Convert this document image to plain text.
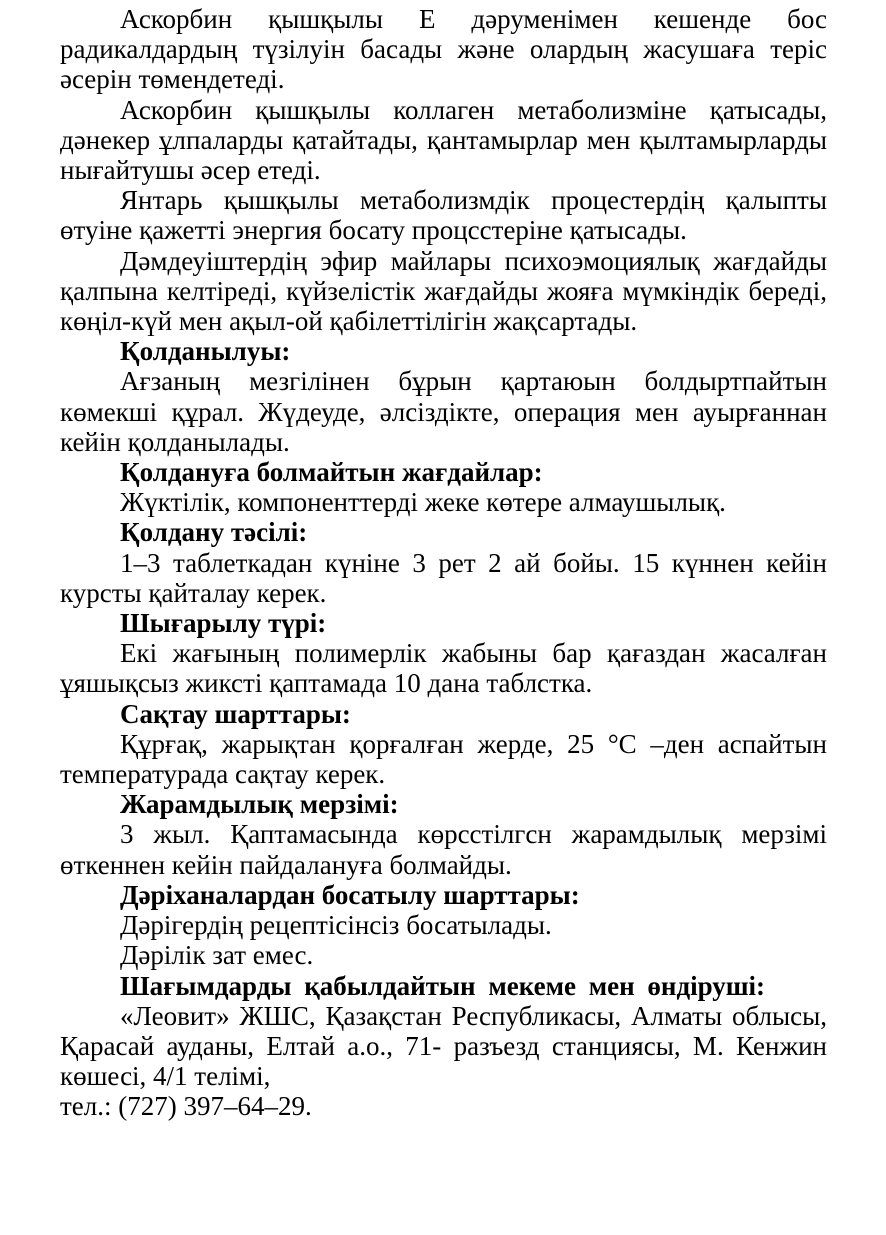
Аскорбин қышқылы Е дәруменімен кешенде бос радикалдардың түзілуін басады және олардың жасушаға теріс әсерін төмендетеді.

Аскорбин қышқылы коллаген метаболизміне қатысады, дәнекер ұлпаларды қатайтады, қантамырлар мен қылтамырларды нығайтушы әсер етеді.

Янтарь қышқылы метаболизмдік процестердің қалыпты өтуіне қажетті энергия босату процсстеріне қатысады.

Дәмдеуіштердің эфир майлары психоэмоциялық жағдайды қалпына келтіреді, күйзелістік жағдайды жояға мүмкіндік береді, көңіл-күй мен ақыл-ой қабілеттілігін жақсартады.

Қолданылуы:

Ағзаның мезгілінен бұрын қартаюын болдыртпайтын көмекші құрал. Жүдеуде, әлсіздікте, операция мен ауырғаннан кейін қолданылады.

Қолдануға болмайтын жағдайлар:

Жүктілік, компоненттерді жеке көтере алмаушылық.

Қолдану тәсілі:

1–3 таблеткадан күніне 3 рет 2 ай бойы. 15 күннен кейін курсты қайталау керек.

Шығарылу түрі:

Екі жағының полимерлік жабыны бар қағаздан жасалған ұяшықсыз жиксті қаптамада 10 дана таблстка.

Сақтау шарттары:

Құрғақ, жарықтан қорғалған жерде, 25 °С –ден аспайтын температурада сақтау керек.

Жарамдылық мерзімі:

3 жыл. Қаптамасында көрсстілгсн жарамдылық мерзімі өткеннен кейін пайдалануға болмайды.

Дәріханалардан босатылу шарттары:

Дәрігердің рецептісінсіз босатылады.

Дәрілік зат емес.

Шағымдарды қабылдайтын мекеме мен өндіруші:

«Леовит» ЖШС, Қазақстан Республикасы, Алматы облысы, Қарасай ауданы, Елтай а.о., 71- разъезд станциясы, М. Кенжин көшесі, 4/1 телімі,

тел.: (727) 397–64–29.
